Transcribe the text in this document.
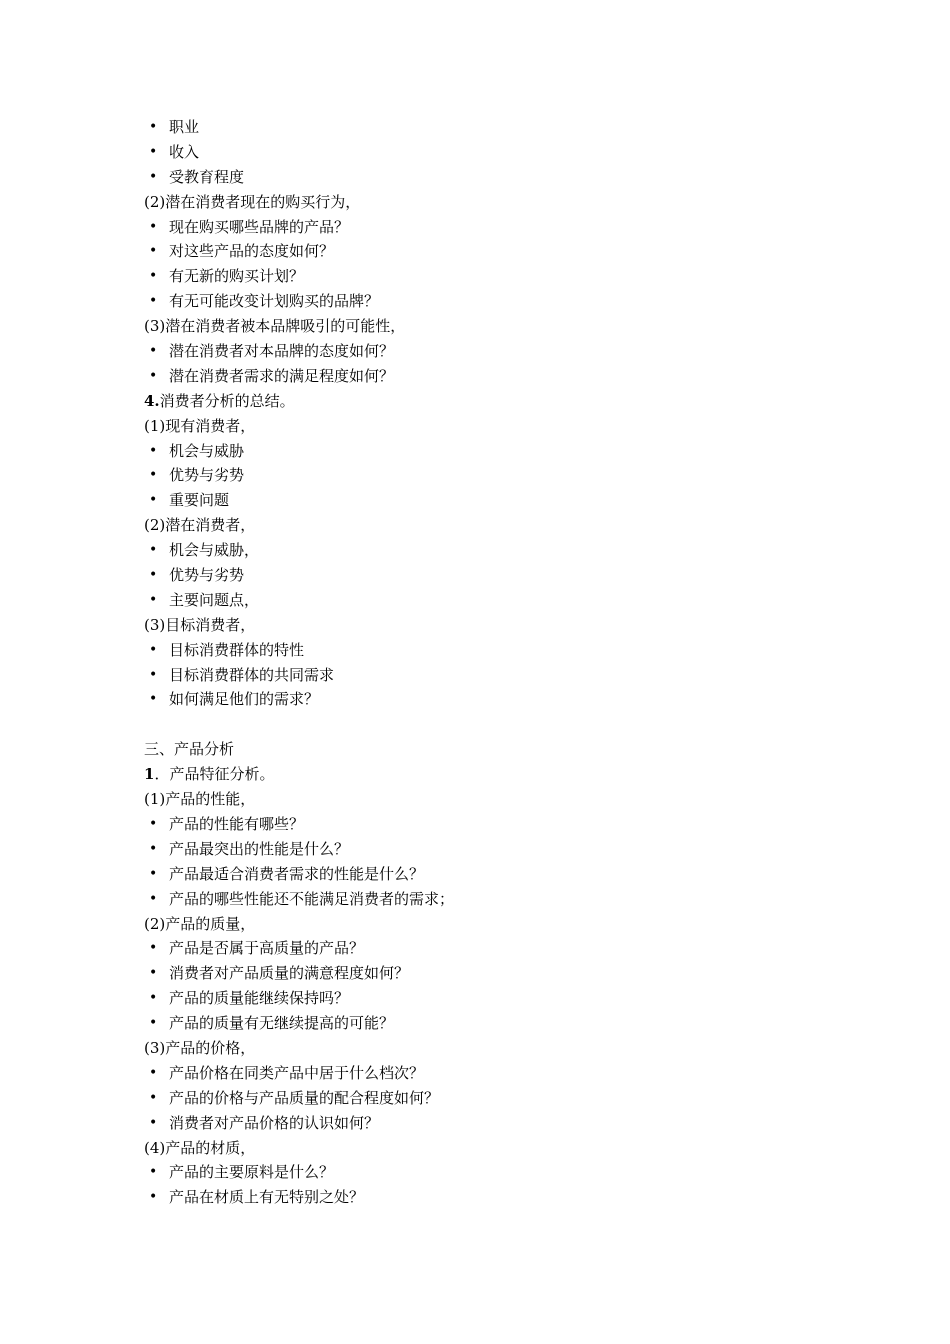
• 职业
• 收入
• 受教育程度
(2)潜在消费者现在的购买行为，
• 现在购买哪些品牌的产品？
• 对这些产品的态度如何？
• 有无新的购买计划？
• 有无可能改变计划购买的品牌？
(3)潜在消费者被本品牌吸引的可能性，
• 潜在消费者对本品牌的态度如何？
• 潜在消费者需求的满足程度如何？
4.消费者分析的总结。
(1)现有消费者，
• 机会与威胁
• 优势与劣势
• 重要问题
(2)潜在消费者，
• 机会与威胁，
• 优势与劣势
• 主要问题点，
(3)目标消费者，
• 目标消费群体的特性
• 目标消费群体的共同需求
• 如何满足他们的需求？
三、产品分析
1．产品特征分析。
(1)产品的性能，
• 产品的性能有哪些？
• 产品最突出的性能是什么？
• 产品最适合消费者需求的性能是什么？
• 产品的哪些性能还不能满足消费者的需求；
(2)产品的质量，
• 产品是否属于高质量的产品？
• 消费者对产品质量的满意程度如何？
• 产品的质量能继续保持吗？
• 产品的质量有无继续提高的可能？
(3)产品的价格，
• 产品价格在同类产品中居于什么档次？
• 产品的价格与产品质量的配合程度如何？
• 消费者对产品价格的认识如何？
(4)产品的材质，
• 产品的主要原料是什么？
• 产品在材质上有无特别之处？
